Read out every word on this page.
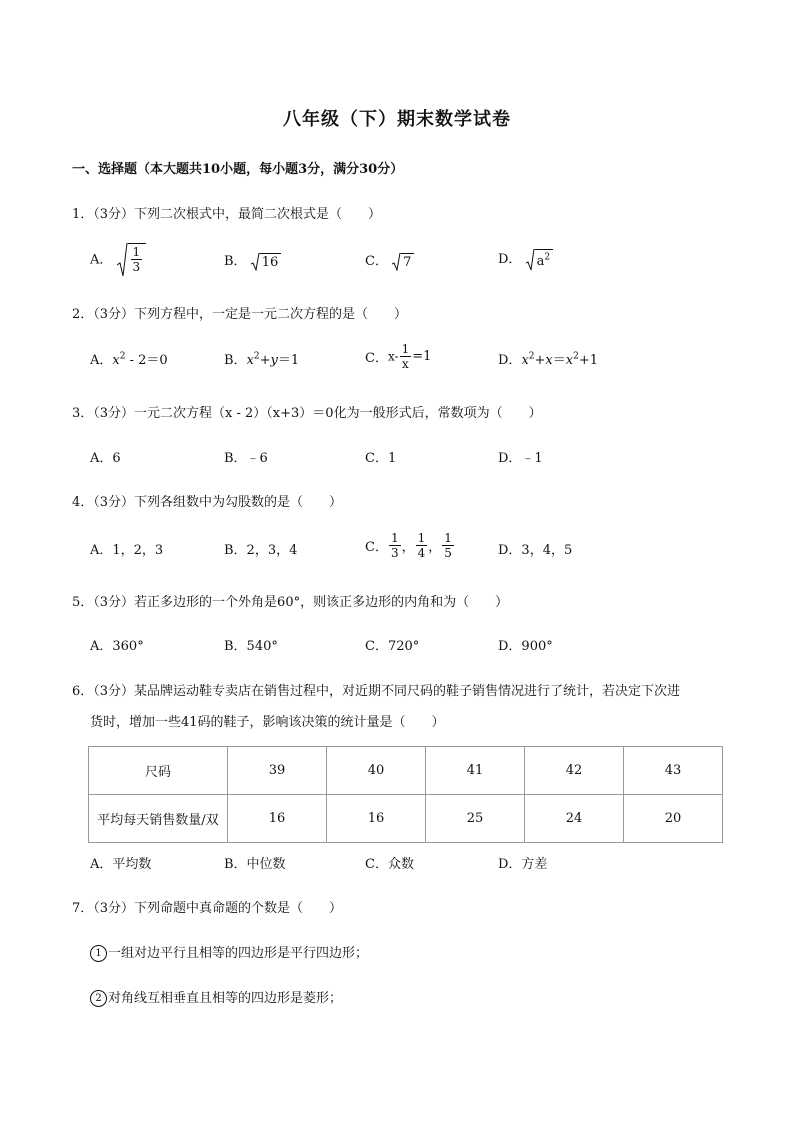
八年级（下）期末数学试卷
一、选择题（本大题共10小题，每小题3分，满分30分）
1．（3分）下列二次根式中，最简二次根式是（　　）
A． $\frac{1}{3}$	B． 16	C． 7	D． $a^2$
2．（3分）下列方程中，一定是一元二次方程的是（　　）
A．$x^2 - 2=0$	B．$x^2+y=1$	C．$x- \frac{1}{x} =1$	D．$x^2+x=x^2+1$
3．（3分）一元二次方程（x - 2）（x+3）＝0化为一般形式后，常数项为（　　）
A．6	B．﹣6	C．1	D．﹣1
4．（3分）下列各组数中为勾股数的是（　　）
A．1，2，3	B．2，3，4	C． $\frac{1}{3}$ ， $\frac{1}{4}$ ， $\frac{1}{5}$	D．3，4，5
5．（3分）若正多边形的一个外角是60°，则该正多边形的内角和为（　　）
A．360°	B．540°	C．720°	D．900°
6．（3分）某品牌运动鞋专卖店在销售过程中，对近期不同尺码的鞋子销售情况进行了统计，若决定下次进
货时，增加一些41码的鞋子，影响该决策的统计量是（　　）
尺码	39	40	41	42	43
平均每天销售数量/双	16	16	25	24	20
A．平均数	B．中位数	C．众数	D．方差
7．（3分）下列命题中真命题的个数是（　　）
1 一组对边平行且相等的四边形是平行四边形；
2 对角线互相垂直且相等的四边形是菱形；
